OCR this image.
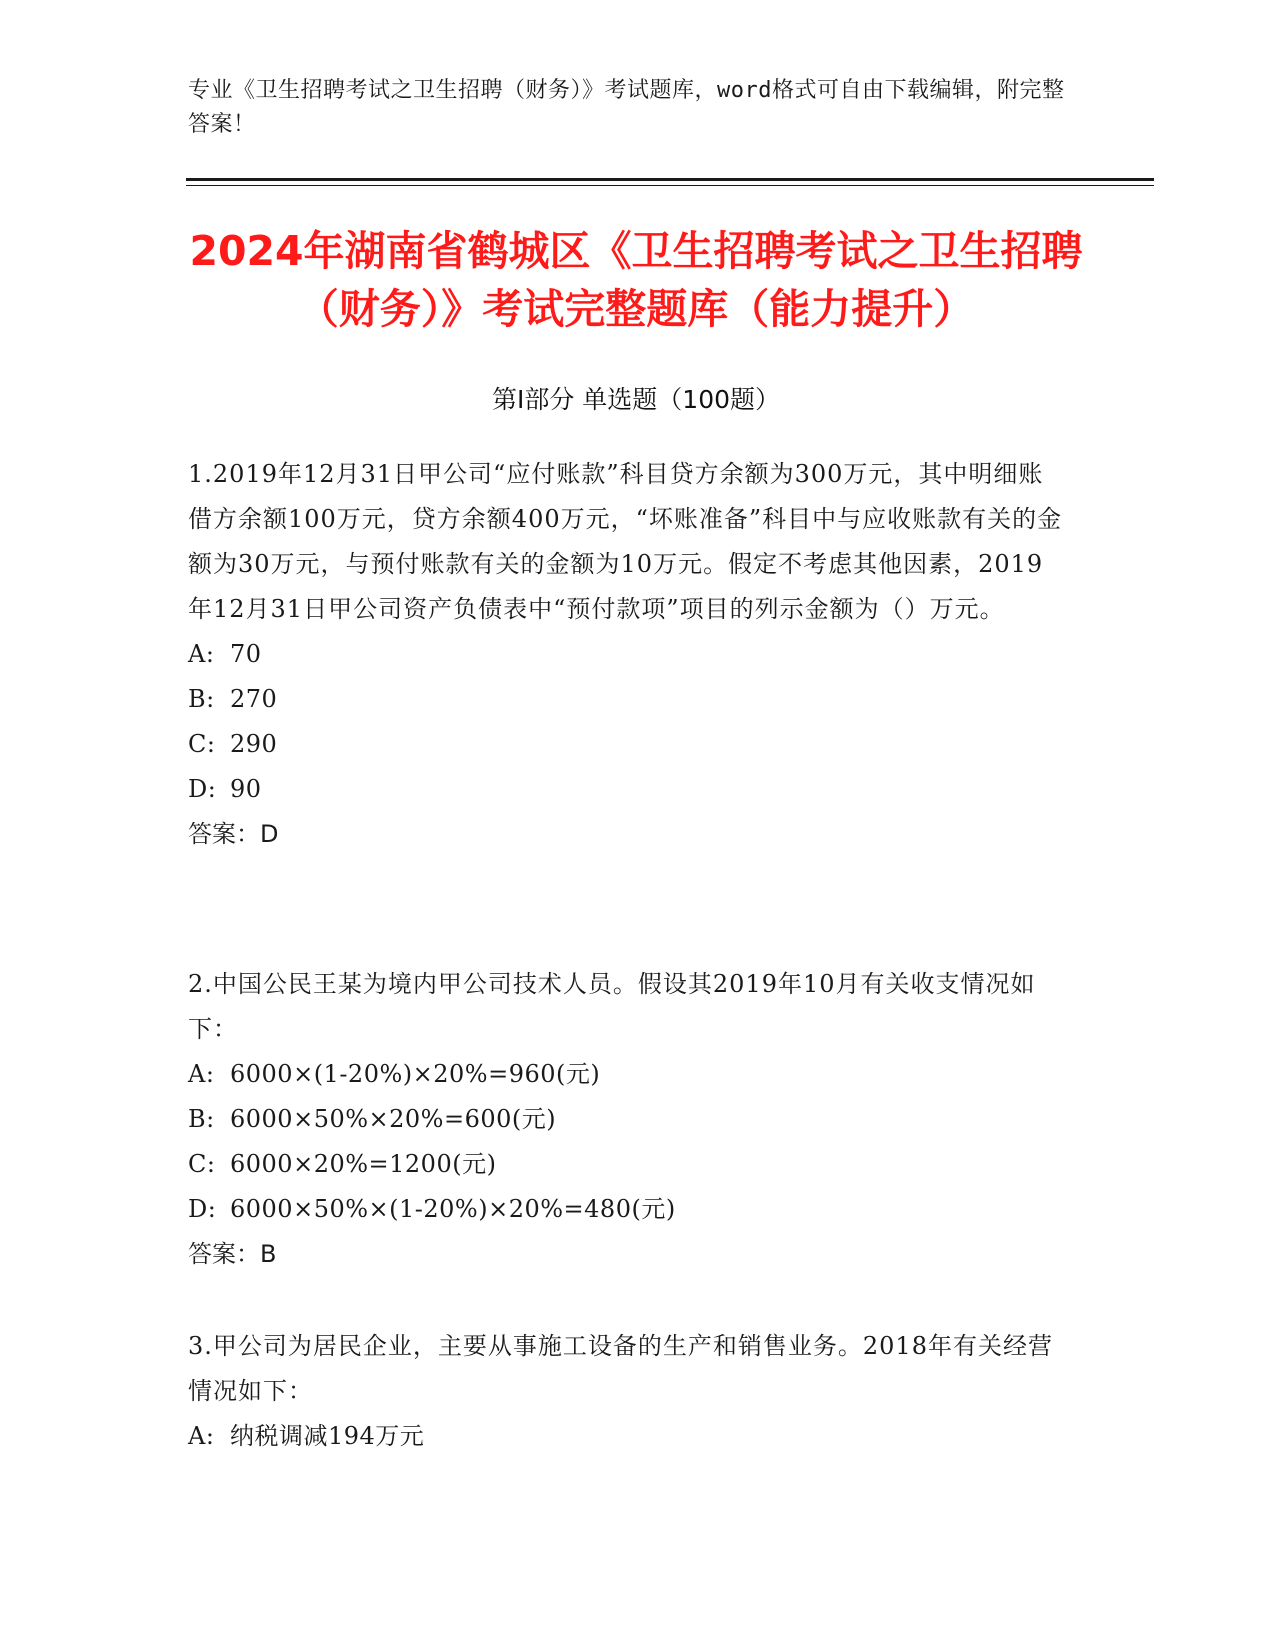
专业《卫生招聘考试之卫生招聘（财务）》考试题库，word格式可自由下载编辑，附完整答案！
2024年湖南省鹤城区《卫生招聘考试之卫生招聘（财务）》考试完整题库（能力提升）
第I部分 单选题（100题）
1.2019年12月31日甲公司“应付账款”科目贷方余额为300万元，其中明细账借方余额100万元，贷方余额400万元，“坏账准备”科目中与应收账款有关的金额为30万元，与预付账款有关的金额为10万元。假定不考虑其他因素，2019年12月31日甲公司资产负债表中“预付款项”项目的列示金额为（）万元。
A: 70
B: 270
C: 290
D: 90
答案：D
2.中国公民王某为境内甲公司技术人员。假设其2019年10月有关收支情况如下：
A: 6000×(1-20%)×20%=960(元)
B: 6000×50%×20%=600(元)
C: 6000×20%=1200(元)
D: 6000×50%×(1-20%)×20%=480(元)
答案：B
3.甲公司为居民企业，主要从事施工设备的生产和销售业务。2018年有关经营情况如下：
A: 纳税调减194万元
